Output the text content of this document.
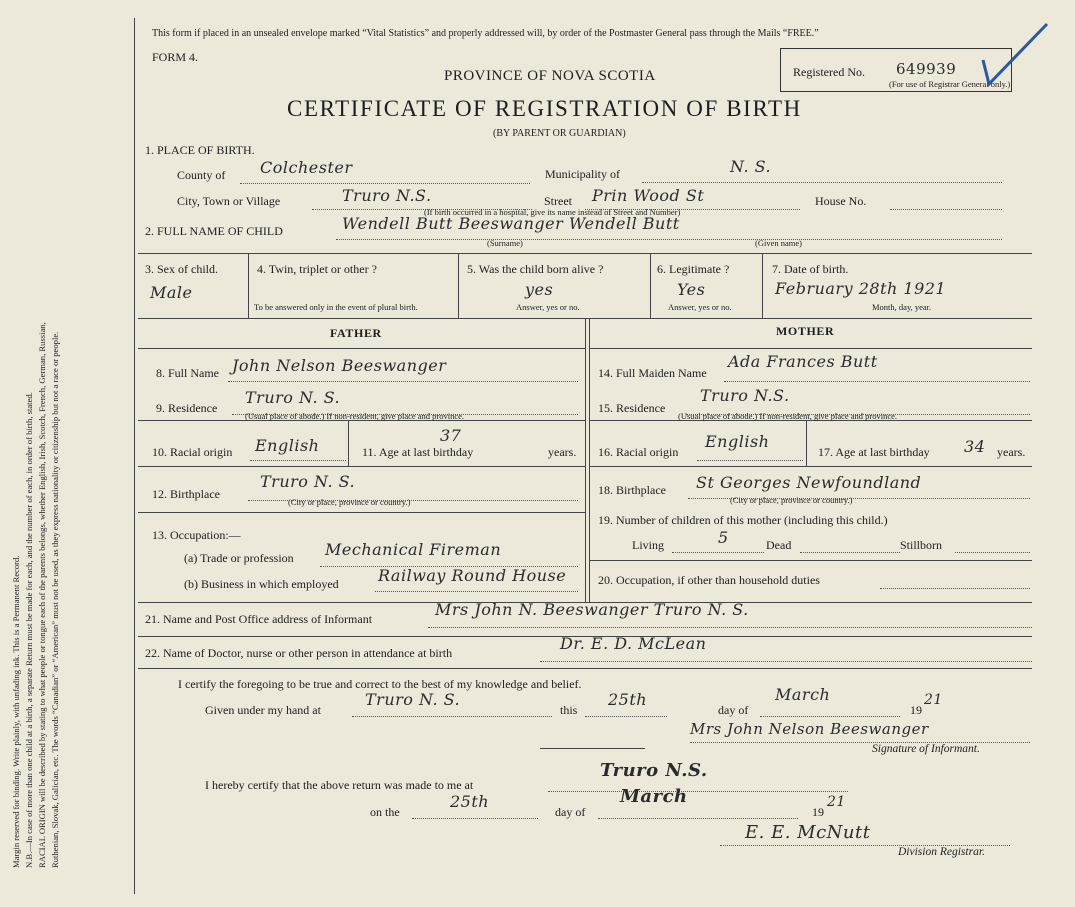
Margin reserved for binding. Write plainly, with unfading ink. This is a Permanent Record. N.B.—In case of more than one child at a birth, a separate Return must be made for each, and the number of each, in order of birth, stated. RACIAL ORIGIN will be described by stating to what people or tongue each of the parents belongs, whether English, Irish, Scotch, French, German, Russian, Ruthenian, Slovak, Galician, etc. The words “Canadian” or “American” must not be used, as they express nationality or citizenship but not a race or people.
This form if placed in an unsealed envelope marked “Vital Statistics” and properly addressed will, by order of the Postmaster General pass through the Mails “FREE.”
FORM 4.
Registered No. 649939
(For use of Registrar General only.)
PROVINCE OF NOVA SCOTIA
CERTIFICATE OF REGISTRATION OF BIRTH
(BY PARENT OR GUARDIAN)
1. PLACE OF BIRTH.
County of Colchester	Municipality of	N. S.
City, Town or Village	Truro N.S.	Street Prin Wood St	House No.
(If birth occurred in a hospital, give its name instead of Street and Number)
2. FULL NAME OF CHILD	Wendell Butt Beeswanger Wendell Butt
(Surname)	(Given name)
3. Sex of child.
Male
4. Twin, triplet or other ?
To be answered only in the event of plural birth.
5. Was the child born alive ?
yes
Answer, yes or no.
6. Legitimate ?
Yes
Answer, yes or no.
7. Date of birth.
February 28th 1921
Month, day, year.
FATHER	MOTHER
8. Full Name John Nelson Beeswanger
9. Residence
Truro N. S.
(Usual place of abode.) If non-resident, give place and province.
10. Racial origin English	11. Age at last birthday
37
years.
12. Birthplace
Truro N. S.
(City or place, province or country.)
13. Occupation:—
(a) Trade or profession Mechanical Fireman
(b) Business in which employed Railway Round House
14. Full Maiden Name
Ada Frances Butt
15. Residence
Truro N.S.
(Usual place of abode.) If non-resident, give place and province.
16. Racial origin
English
17. Age at last birthday 34 years.
18. Birthplace St Georges Newfoundland
(City or place, province or country.)
19. Number of children of this mother (including this child.)
Living	5	Dead	Stillborn
20. Occupation, if other than household duties
21. Name and Post Office address of Informant	Mrs John N. Beeswanger Truro N. S.
22. Name of Doctor, nurse or other person in attendance at birth	Dr. E. D. McLean
I certify the foregoing to be true and correct to the best of my knowledge and belief.
Given under my hand at
Truro N. S.
this
25th
day of
March
19
21
Mrs John Nelson Beeswanger
Signature of Informant.
I hereby certify that the above return was made to me at
Truro N.S.
on the
25th
day of
March
19
21
E. E. McNutt
Division Registrar.
